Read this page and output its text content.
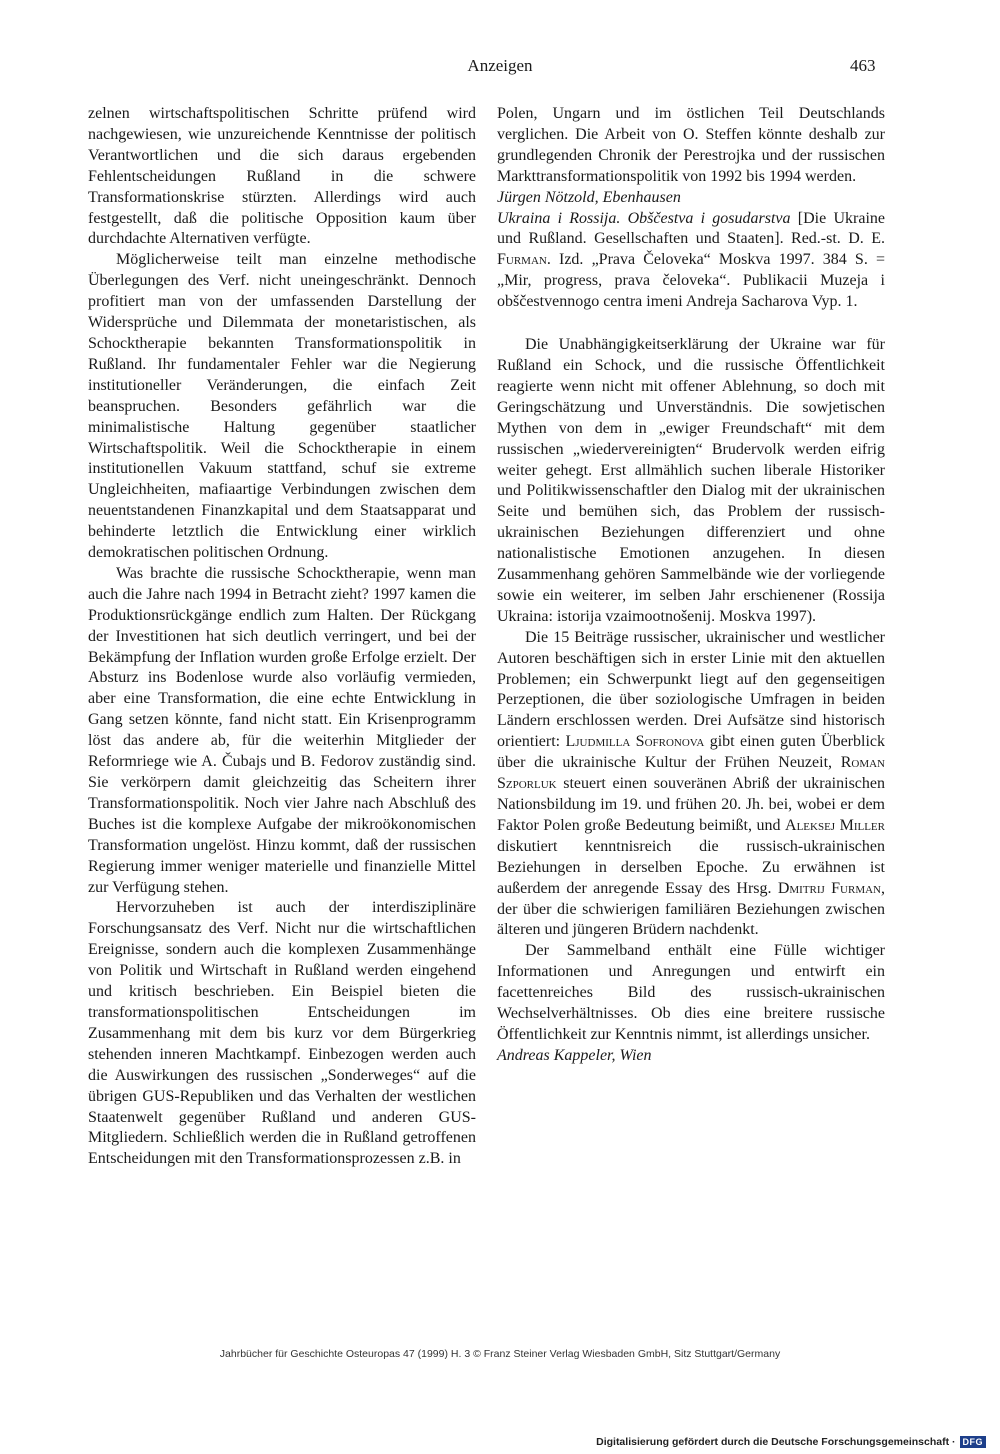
Anzeigen	463

zelnen wirtschaftspolitischen Schritte prüfend wird nachgewiesen, wie unzureichende Kenntnisse der politisch Verantwortlichen und die sich daraus ergebenden Fehlentscheidungen Rußland in die schwere Transformationskrise stürzten. Allerdings wird auch festgestellt, daß die politische Opposition kaum über durchdachte Alternativen verfügte.

Möglicherweise teilt man einzelne methodische Überlegungen des Verf. nicht uneingeschränkt. Dennoch profitiert man von der umfassenden Darstellung der Widersprüche und Dilemmata der monetaristischen, als Schocktherapie bekannten Transformationspolitik in Rußland. Ihr fundamentaler Fehler war die Negierung institutioneller Veränderungen, die einfach Zeit beanspruchen. Besonders gefährlich war die minimalistische Haltung gegenüber staatlicher Wirtschaftspolitik. Weil die Schocktherapie in einem institutionellen Vakuum stattfand, schuf sie extreme Ungleichheiten, mafiaartige Verbindungen zwischen dem neuentstandenen Finanzkapital und dem Staatsapparat und behinderte letztlich die Entwicklung einer wirklich demokratischen politischen Ordnung.

Was brachte die russische Schocktherapie, wenn man auch die Jahre nach 1994 in Betracht zieht? 1997 kamen die Produktionsrückgänge endlich zum Halten. Der Rückgang der Investitionen hat sich deutlich verringert, und bei der Bekämpfung der Inflation wurden große Erfolge erzielt. Der Absturz ins Bodenlose wurde also vorläufig vermieden, aber eine Transformation, die eine echte Entwicklung in Gang setzen könnte, fand nicht statt. Ein Krisenprogramm löst das andere ab, für die weiterhin Mitglieder der Reformriege wie A. Čubajs und B. Fedorov zuständig sind. Sie verkörpern damit gleichzeitig das Scheitern ihrer Transformationspolitik. Noch vier Jahre nach Abschluß des Buches ist die komplexe Aufgabe der mikroökonomischen Transformation ungelöst. Hinzu kommt, daß der russischen Regierung immer weniger materielle und finanzielle Mittel zur Verfügung stehen.

Hervorzuheben ist auch der interdisziplinäre Forschungsansatz des Verf. Nicht nur die wirtschaftlichen Ereignisse, sondern auch die komplexen Zusammenhänge von Politik und Wirtschaft in Rußland werden eingehend und kritisch beschrieben. Ein Beispiel bieten die transformationspolitischen Entscheidungen im Zusammenhang mit dem bis kurz vor dem Bürgerkrieg stehenden inneren Machtkampf. Einbezogen werden auch die Auswirkungen des russischen „Sonderweges“ auf die übrigen GUS-Republiken und das Verhalten der westlichen Staatenwelt gegenüber Rußland und anderen GUS-Mitgliedern. Schließlich werden die in Rußland getroffenen Entscheidungen mit den Transformationsprozessen z.B. in

Polen, Ungarn und im östlichen Teil Deutschlands verglichen. Die Arbeit von O. Steffen könnte deshalb zur grundlegenden Chronik der Perestrojka und der russischen Markttransformationspolitik von 1992 bis 1994 werden.

Jürgen Nötzold, Ebenhausen

Ukraina i Rossija. Obščestva i gosudarstva [Die Ukraine und Rußland. Gesellschaften und Staaten]. Red.-st. D. E. Furman. Izd. „Prava Čeloveka“ Moskva 1997. 384 S. = „Mir, progress, prava čeloveka“. Publikacii Muzeja i obščestvennogo centra imeni Andreja Sacharova Vyp. 1.

Die Unabhängigkeitserklärung der Ukraine war für Rußland ein Schock, und die russische Öffentlichkeit reagierte wenn nicht mit offener Ablehnung, so doch mit Geringschätzung und Unverständnis. Die sowjetischen Mythen von dem in „ewiger Freundschaft“ mit dem russischen „wiedervereinigten“ Brudervolk werden eifrig weiter gehegt. Erst allmählich suchen liberale Historiker und Politikwissenschaftler den Dialog mit der ukrainischen Seite und bemühen sich, das Problem der russisch-ukrainischen Beziehungen differenziert und ohne nationalistische Emotionen anzugehen. In diesen Zusammenhang gehören Sammelbände wie der vorliegende sowie ein weiterer, im selben Jahr erschienener (Rossija Ukraina: istorija vzaimootnošenij. Moskva 1997).

Die 15 Beiträge russischer, ukrainischer und westlicher Autoren beschäftigen sich in erster Linie mit den aktuellen Problemen; ein Schwerpunkt liegt auf den gegenseitigen Perzeptionen, die über soziologische Umfragen in beiden Ländern erschlossen werden. Drei Aufsätze sind historisch orientiert: Ljudmilla Sofronova gibt einen guten Überblick über die ukrainische Kultur der Frühen Neuzeit, Roman Szporluk steuert einen souveränen Abriß der ukrainischen Nationsbildung im 19. und frühen 20. Jh. bei, wobei er dem Faktor Polen große Bedeutung beimißt, und Aleksej Miller diskutiert kenntnisreich die russisch-ukrainischen Beziehungen in derselben Epoche. Zu erwähnen ist außerdem der anregende Essay des Hrsg. Dmitrij Furman, der über die schwierigen familiären Beziehungen zwischen älteren und jüngeren Brüdern nachdenkt.

Der Sammelband enthält eine Fülle wichtiger Informationen und Anregungen und entwirft ein facettenreiches Bild des russisch-ukrainischen Wechselverhältnisses. Ob dies eine breitere russische Öffentlichkeit zur Kenntnis nimmt, ist allerdings unsicher.

Andreas Kappeler, Wien

Jahrbücher für Geschichte Osteuropas 47 (1999) H. 3 © Franz Steiner Verlag Wiesbaden GmbH, Sitz Stuttgart/Germany
Digitalisierung gefördert durch die Deutsche Forschungsgemeinschaft · DFG
